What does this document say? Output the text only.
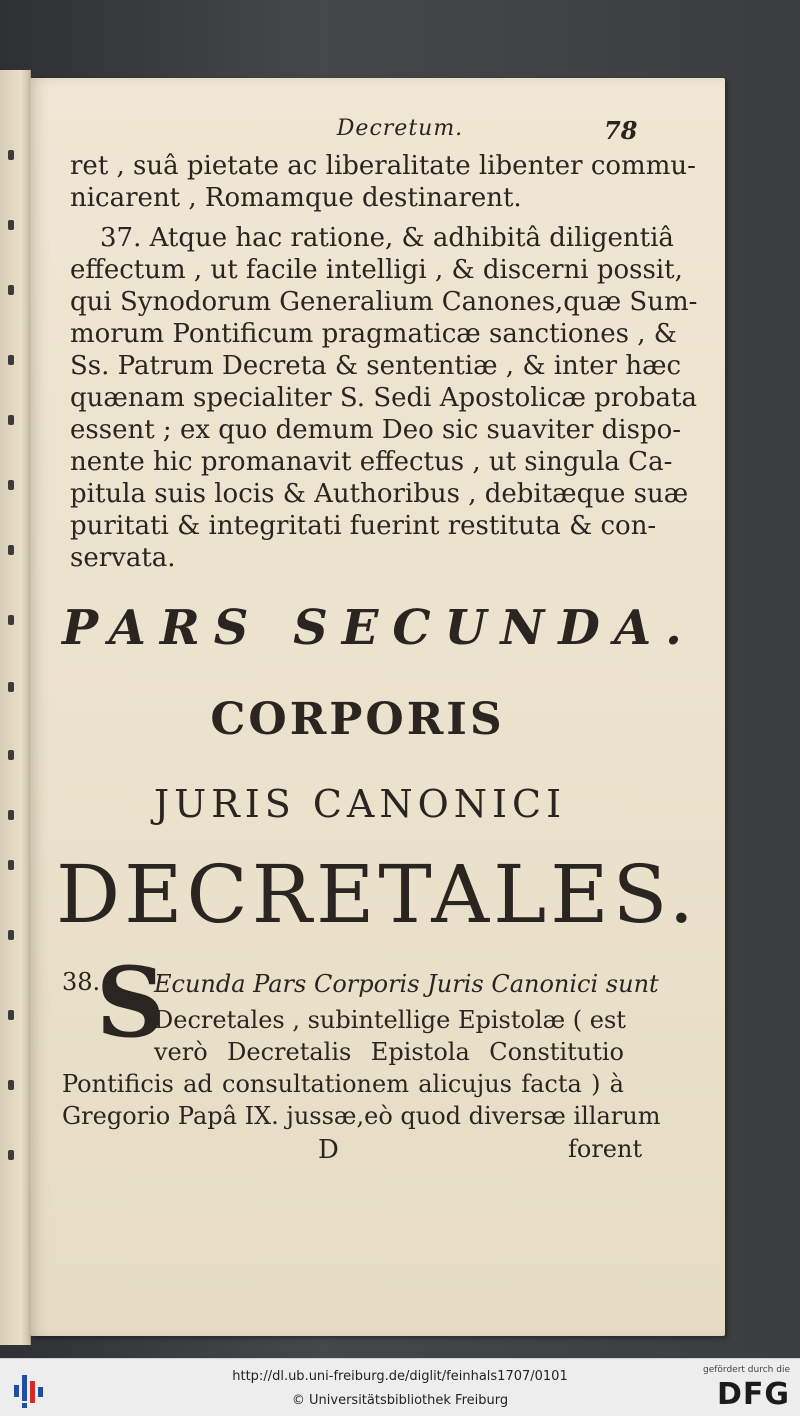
Decretum.	78
ret , suâ pietate ac liberalitate libenter commu-
nicarent , Romamque destinarent.
37. Atque hac ratione, & adhibitâ diligentiâ
effectum , ut facile intelligi , & discerni possit,
qui Synodorum Generalium Canones,quæ Sum-
morum Pontificum pragmaticæ sanctiones , &
Ss. Patrum Decreta & sententiæ , & inter hæc
quænam specialiter S. Sedi Apostolicæ probata
essent ; ex quo demum Deo sic suaviter dispo-
nente hic promanavit effectus , ut singula Ca-
pitula suis locis & Authoribus , debitæque suæ
puritati & integritati fuerint restituta & con-
servata.
PARS SECUNDA.
CORPORIS
JURIS CANONICI
DECRETALES.
38.
S
Ecunda Pars Corporis Juris Canonici sunt
Decretales , subintellige Epistolæ ( est
verò Decretalis Epistola Constitutio
Pontificis ad consultationem alicujus facta ) à
Gregorio Papâ IX. jussæ,eò quod diversæ illarum
D	forent
http://dl.ub.uni-freiburg.de/diglit/feinhals1707/0101
© Universitätsbibliothek Freiburg
gefördert durch die
DFG
